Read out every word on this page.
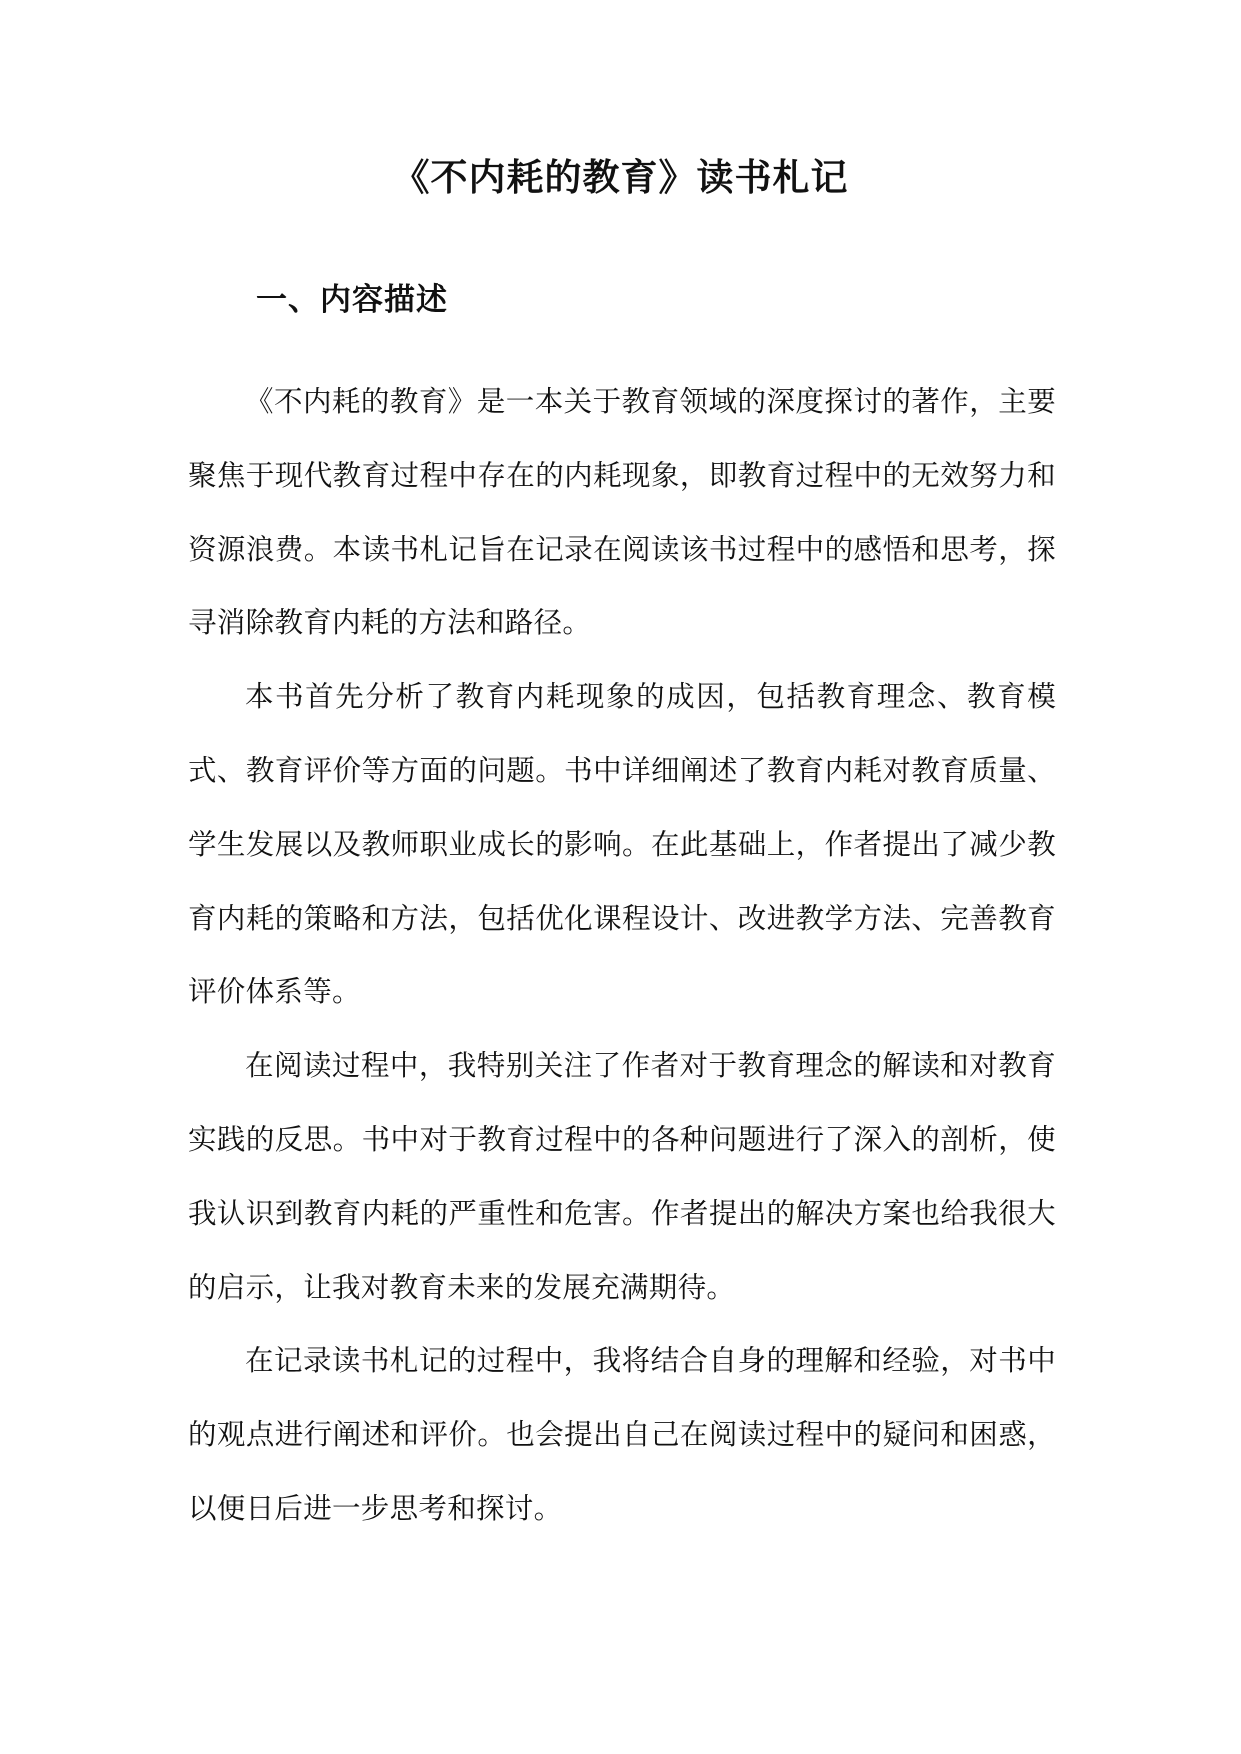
《不内耗的教育》读书札记
一、内容描述

《不内耗的教育》是一本关于教育领域的深度探讨的著作，主要聚焦于现代教育过程中存在的内耗现象，即教育过程中的无效努力和资源浪费。本读书札记旨在记录在阅读该书过程中的感悟和思考，探寻消除教育内耗的方法和路径。

本书首先分析了教育内耗现象的成因，包括教育理念、教育模式、教育评价等方面的问题。书中详细阐述了教育内耗对教育质量、学生发展以及教师职业成长的影响。在此基础上，作者提出了减少教育内耗的策略和方法，包括优化课程设计、改进教学方法、完善教育评价体系等。

在阅读过程中，我特别关注了作者对于教育理念的解读和对教育实践的反思。书中对于教育过程中的各种问题进行了深入的剖析，使我认识到教育内耗的严重性和危害。作者提出的解决方案也给我很大的启示，让我对教育未来的发展充满期待。

在记录读书札记的过程中，我将结合自身的理解和经验，对书中的观点进行阐述和评价。也会提出自己在阅读过程中的疑问和困惑，以便日后进一步思考和探讨。
